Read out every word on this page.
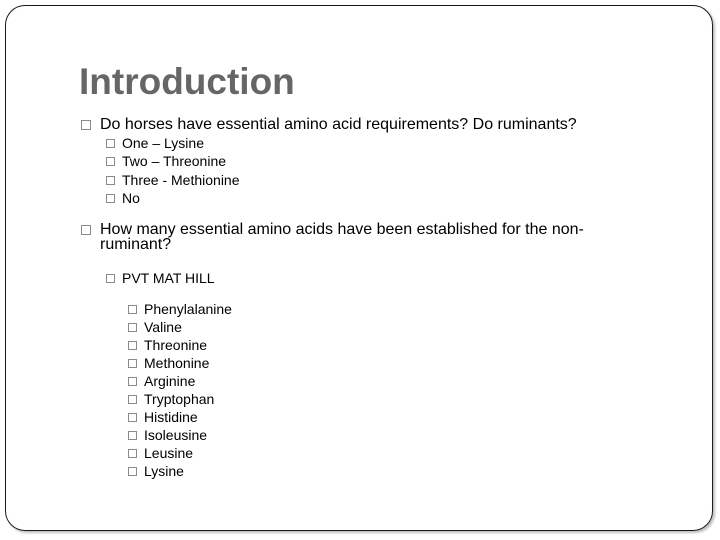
Introduction
Do horses have essential amino acid requirements? Do ruminants?
One – Lysine
Two – Threonine
Three - Methionine
No
How many essential amino acids have been established for the non-
ruminant?
PVT MAT HILL
Phenylalanine
Valine
Threonine
Methonine
Arginine
Tryptophan
Histidine
Isoleusine
Leusine
Lysine
